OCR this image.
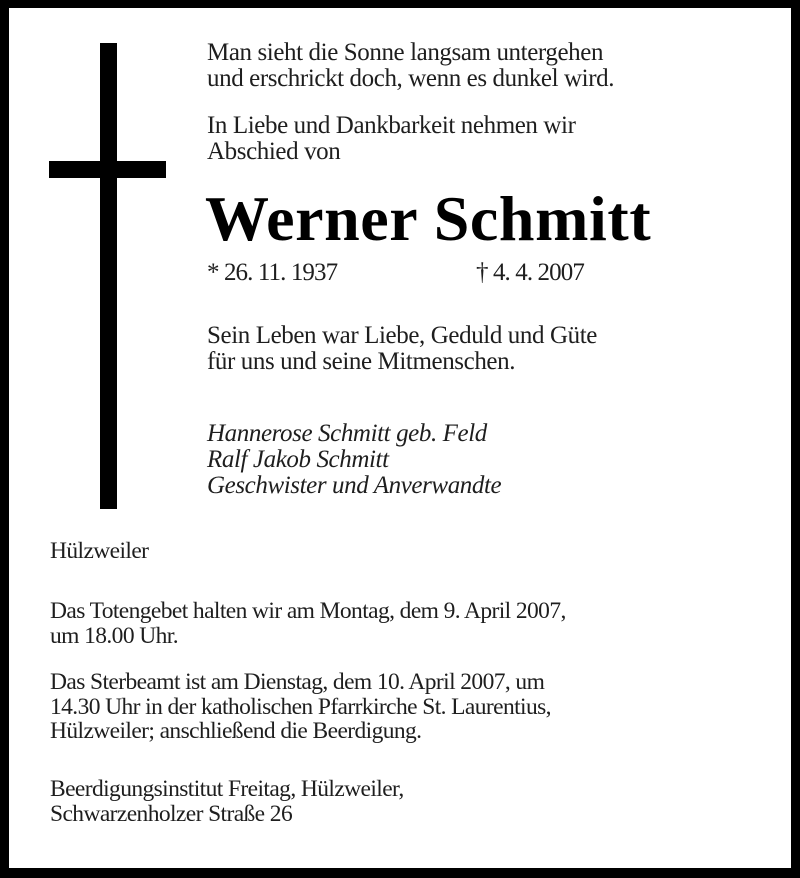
Man sieht die Sonne langsam untergehen
und erschrickt doch, wenn es dunkel wird.
In Liebe und Dankbarkeit nehmen wir
Abschied von
Werner Schmitt
* 26. 11. 1937	† 4. 4. 2007
Sein Leben war Liebe, Geduld und Güte
für uns und seine Mitmenschen.
Hannerose Schmitt geb. Feld
Ralf Jakob Schmitt
Geschwister und Anverwandte
Hülzweiler
Das Totengebet halten wir am Montag, dem 9. April 2007,
um 18.00 Uhr.
Das Sterbeamt ist am Dienstag, dem 10. April 2007, um
14.30 Uhr in der katholischen Pfarrkirche St. Laurentius,
Hülzweiler; anschließend die Beerdigung.
Beerdigungsinstitut Freitag, Hülzweiler,
Schwarzenholzer Straße 26
